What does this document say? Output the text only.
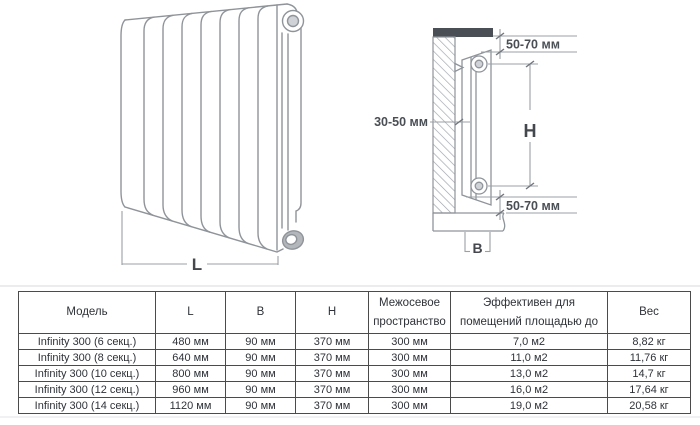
L
H
50-70 мм
50-70 мм
30-50 мм
B
Модель	L	B	H	Межосевое пространство	Эффективен для помещений площадью до	Вес
Infinity 300 (6 секц.)	480 мм	90 мм	370 мм	300 мм	7,0 м2	8,82 кг
Infinity 300 (8 секц.)	640 мм	90 мм	370 мм	300 мм	11,0 м2	11,76 кг
Infinity 300 (10 секц.)	800 мм	90 мм	370 мм	300 мм	13,0 м2	14,7 кг
Infinity 300 (12 секц.)	960 мм	90 мм	370 мм	300 мм	16,0 м2	17,64 кг
Infinity 300 (14 секц.)	1120 мм	90 мм	370 мм	300 мм	19,0 м2	20,58 кг
